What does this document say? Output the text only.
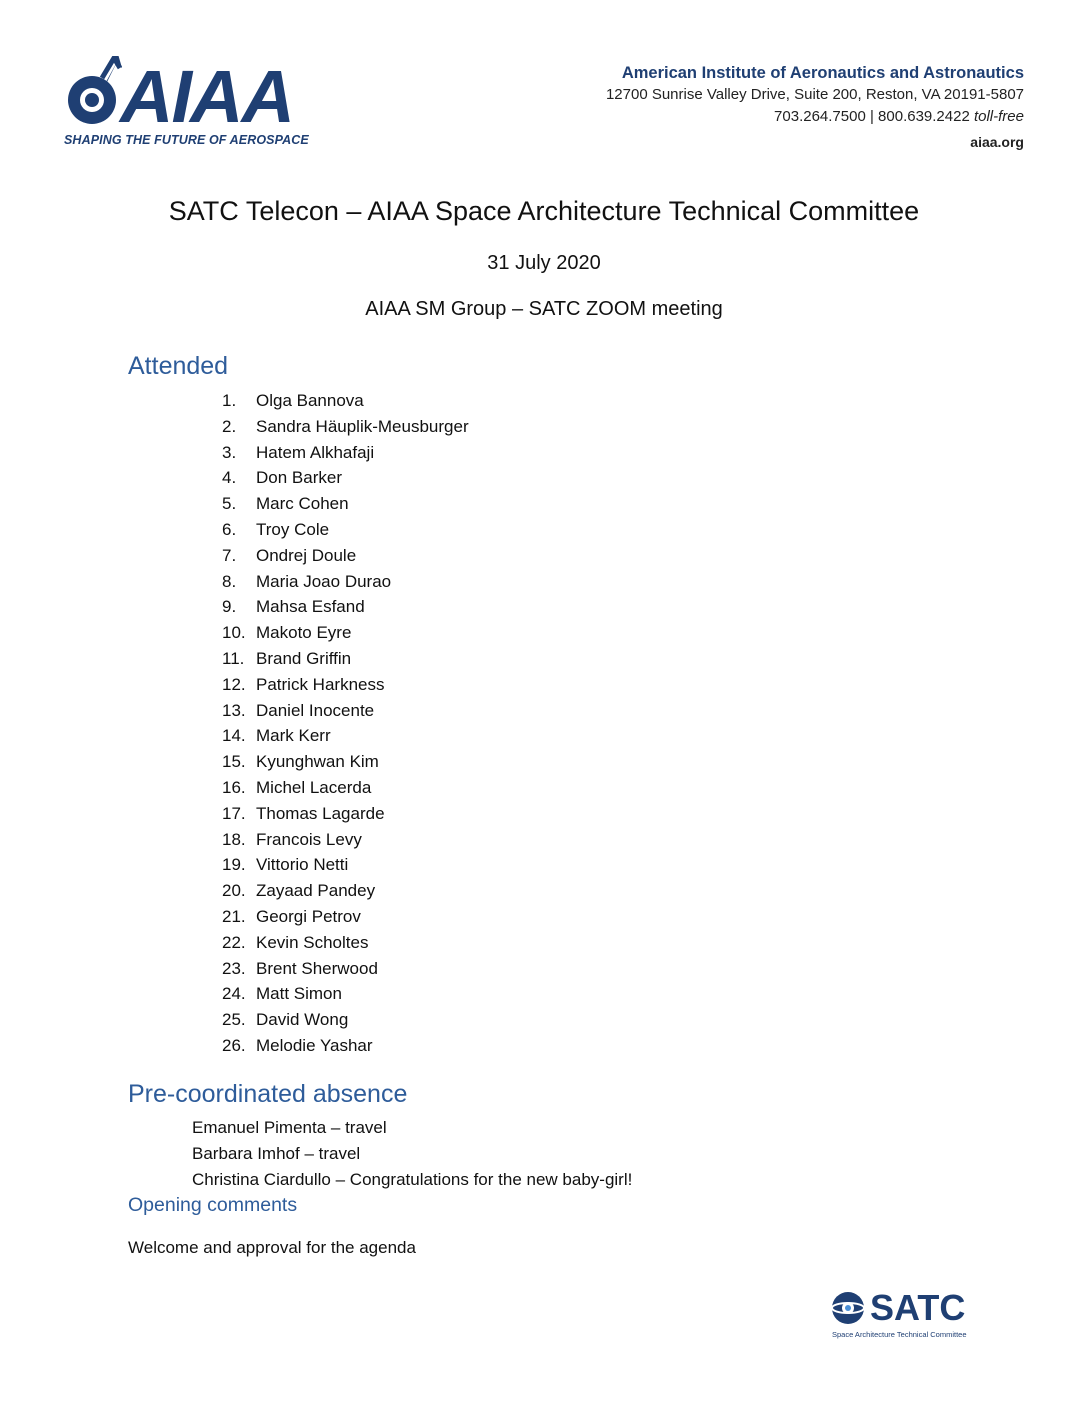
AIAA
SHAPING THE FUTURE OF AEROSPACE
American Institute of Aeronautics and Astronautics
12700 Sunrise Valley Drive, Suite 200, Reston, VA 20191-5807
703.264.7500 | 800.639.2422 toll-free
aiaa.org
SATC Telecon – AIAA Space Architecture Technical Committee
31 July 2020
AIAA SM Group – SATC ZOOM meeting
Attended
1.	Olga Bannova
2.	Sandra Häuplik-Meusburger
3.	Hatem Alkhafaji
4.	Don Barker
5.	Marc Cohen
6.	Troy Cole
7.	Ondrej Doule
8.	Maria Joao Durao
9.	Mahsa Esfand
10. Makoto Eyre
11. Brand Griffin
12. Patrick Harkness
13. Daniel Inocente
14. Mark Kerr
15. Kyunghwan Kim
16. Michel Lacerda
17. Thomas Lagarde
18. Francois Levy
19. Vittorio Netti
20. Zayaad Pandey
21. Georgi Petrov
22. Kevin Scholtes
23. Brent Sherwood
24. Matt Simon
25. David Wong
26. Melodie Yashar
Pre-coordinated absence
Emanuel Pimenta – travel
Barbara Imhof – travel
Christina Ciardullo – Congratulations for the new baby-girl!
Opening comments
Welcome and approval for the agenda
SATC
Space Architecture Technical Committee
